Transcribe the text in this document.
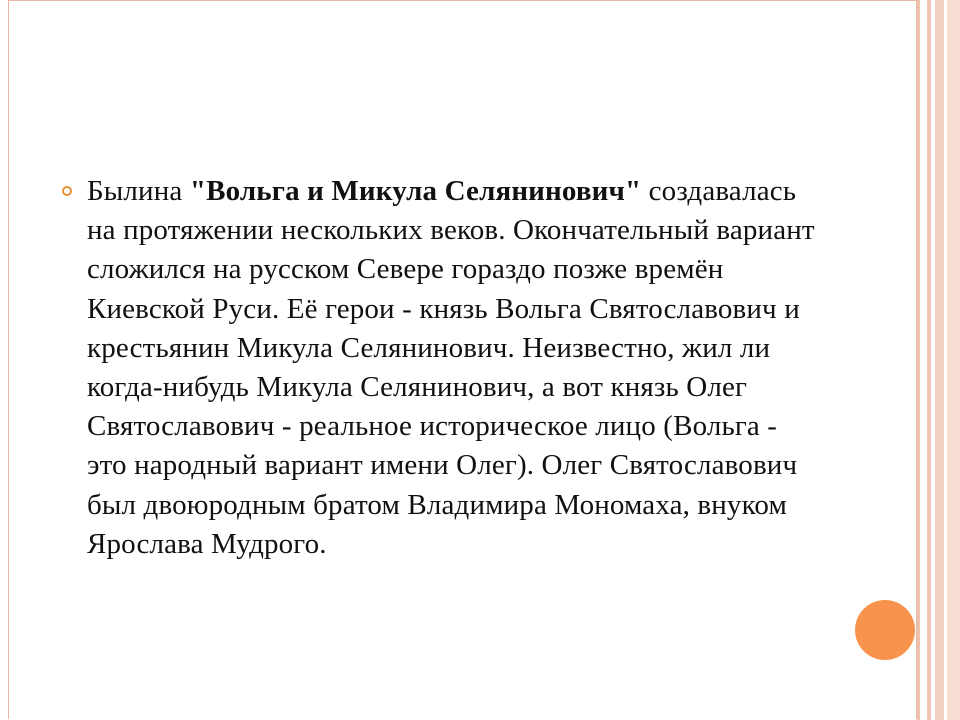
Былина "Вольга и Микула Селянинович" создавалась на протяжении нескольких веков. Окончательный вариант сложился на русском Севере гораздо позже времён Киевской Руси. Её герои - князь Вольга Святославович и крестьянин Микула Селянинович. Неизвестно, жил ли когда-нибудь Микула Селянинович, а вот князь Олег Святославович - реальное историческое лицо (Вольга - это народный вариант имени Олег). Олег Святославович был двоюродным братом Владимира Мономаха, внуком Ярослава Мудрого.
